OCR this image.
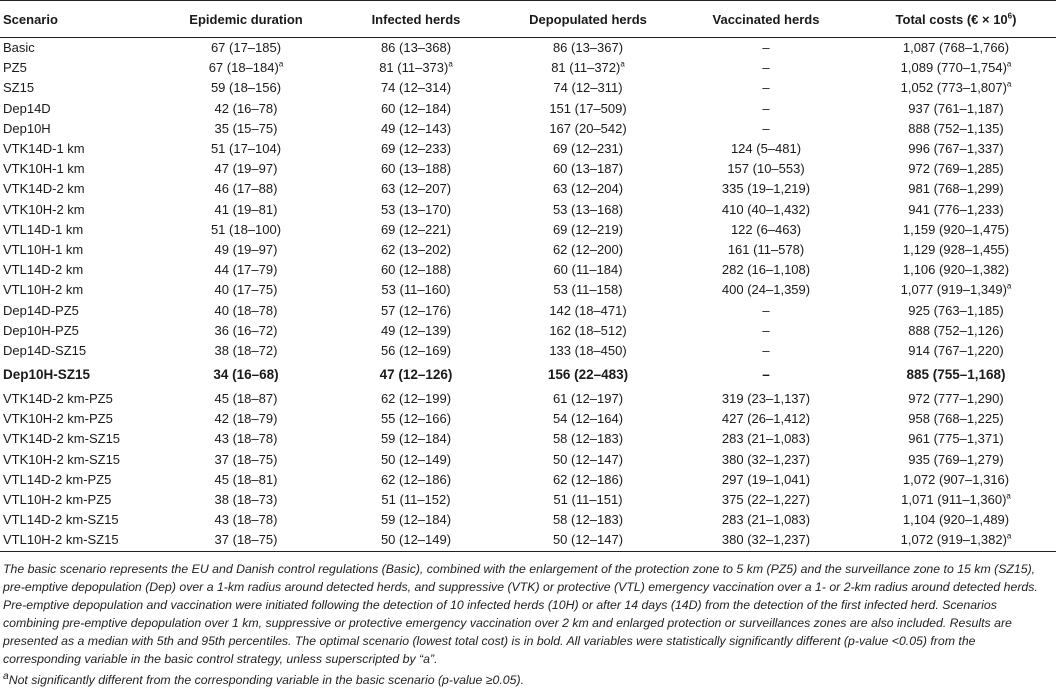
Scenario	Epidemic duration	Infected herds	Depopulated herds	Vaccinated herds	Total costs (€ × $10^6$)
Basic	67 (17–185)	86 (13–368)	86 (13–367)	–	1,087 (768–1,766)
PZ5	67 $(18-184)^a$	81 $(11-373)^a$	81 $(11-372)^a$	–	1,089 $(770-1,754)^a$
SZ15	59 (18–156)	74 (12–314)	74 (12–311)	–	1,052 $(773-1,807)^a$
Dep14D	42 (16–78)	60 (12–184)	151 (17–509)	–	937 (761–1,187)
Dep10H	35 (15–75)	49 (12–143)	167 (20–542)	–	888 (752–1,135)
VTK14D-1 km	51 (17–104)	69 (12–233)	69 (12–231)	124 (5–481)	996 (767–1,337)
VTK10H-1 km	47 (19–97)	60 (13–188)	60 (13–187)	157 (10–553)	972 (769–1,285)
VTK14D-2 km	46 (17–88)	63 (12–207)	63 (12–204)	335 (19–1,219)	981 (768–1,299)
VTK10H-2 km	41 (19–81)	53 (13–170)	53 (13–168)	410 (40–1,432)	941 (776–1,233)
VTL14D-1 km	51 (18–100)	69 (12–221)	69 (12–219)	122 (6–463)	1,159 (920–1,475)
VTL10H-1 km	49 (19–97)	62 (13–202)	62 (12–200)	161 (11–578)	1,129 (928–1,455)
VTL14D-2 km	44 (17–79)	60 (12–188)	60 (11–184)	282 (16–1,108)	1,106 (920–1,382)
VTL10H-2 km	40 (17–75)	53 (11–160)	53 (11–158)	400 (24–1,359)	1,077 $(919-1,349)^a$
Dep14D-PZ5	40 (18–78)	57 (12–176)	142 (18–471)	–	925 (763–1,185)
Dep10H-PZ5	36 (16–72)	49 (12–139)	162 (18–512)	–	888 (752–1,126)
Dep14D-SZ15	38 (18–72)	56 (12–169)	133 (18–450)	–	914 (767–1,220)
Dep10H-SZ15	34 (16–68)	47 (12–126)	156 (22–483)	–	885 (755–1,168)
VTK14D-2 km-PZ5	45 (18–87)	62 (12–199)	61 (12–197)	319 (23–1,137)	972 (777–1,290)
VTK10H-2 km-PZ5	42 (18–79)	55 (12–166)	54 (12–164)	427 (26–1,412)	958 (768–1,225)
VTK14D-2 km-SZ15	43 (18–78)	59 (12–184)	58 (12–183)	283 (21–1,083)	961 (775–1,371)
VTK10H-2 km-SZ15	37 (18–75)	50 (12–149)	50 (12–147)	380 (32–1,237)	935 (769–1,279)
VTL14D-2 km-PZ5	45 (18–81)	62 (12–186)	62 (12–186)	297 (19–1,041)	1,072 (907–1,316)
VTL10H-2 km-PZ5	38 (18–73)	51 (11–152)	51 (11–151)	375 (22–1,227)	1,071 $(911-1,360)^a$
VTL14D-2 km-SZ15	43 (18–78)	59 (12–184)	58 (12–183)	283 (21–1,083)	1,104 (920–1,489)
VTL10H-2 km-SZ15	37 (18–75)	50 (12–149)	50 (12–147)	380 (32–1,237)	1,072 $(919-1,382)^a$
The basic scenario represents the EU and Danish control regulations (Basic), combined with the enlargement of the protection zone to 5 km (PZ5) and the surveillance zone to 15 km (SZ15), pre-emptive depopulation (Dep) over a 1-km radius around detected herds, and suppressive (VTK) or protective (VTL) emergency vaccination over a 1- or 2-km radius around detected herds. Pre-emptive depopulation and vaccination were initiated following the detection of 10 infected herds (10H) or after 14 days (14D) from the detection of the first infected herd. Scenarios combining pre-emptive depopulation over 1 km, suppressive or protective emergency vaccination over 2 km and enlarged protection or surveillances zones are also included. Results are presented as a median with 5th and 95th percentiles. The optimal scenario (lowest total cost) is in bold. All variables were statistically significantly different (p-value <0.05) from the corresponding variable in the basic control strategy, unless superscripted by “a”.
$^a$Not significantly different from the corresponding variable in the basic scenario (p-value ≥0.05).
